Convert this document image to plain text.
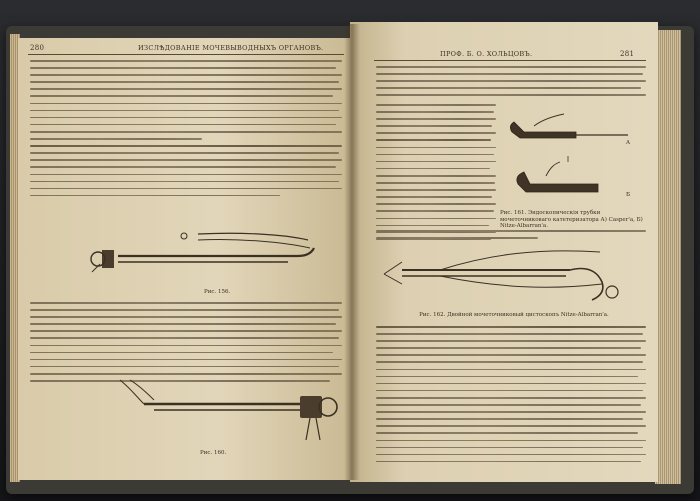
280	ИЗСЛѢДОВАНІЕ МОЧЕВЫВОДНЫХЪ ОРГАНОВЪ.
Рис. 156.
Рис. 160.
ПРОФ. Б. О. ХОЛЬЦОВЪ.	281
A
Б
Рис. 161. Эндоскопическія трубки мочеточниковаго катетеризатора А) Casper'a, Б) Nitze-Albarran'a.
Рис. 162. Двойной мочеточниковый цистоскопъ Nitze-Albarran'a.
